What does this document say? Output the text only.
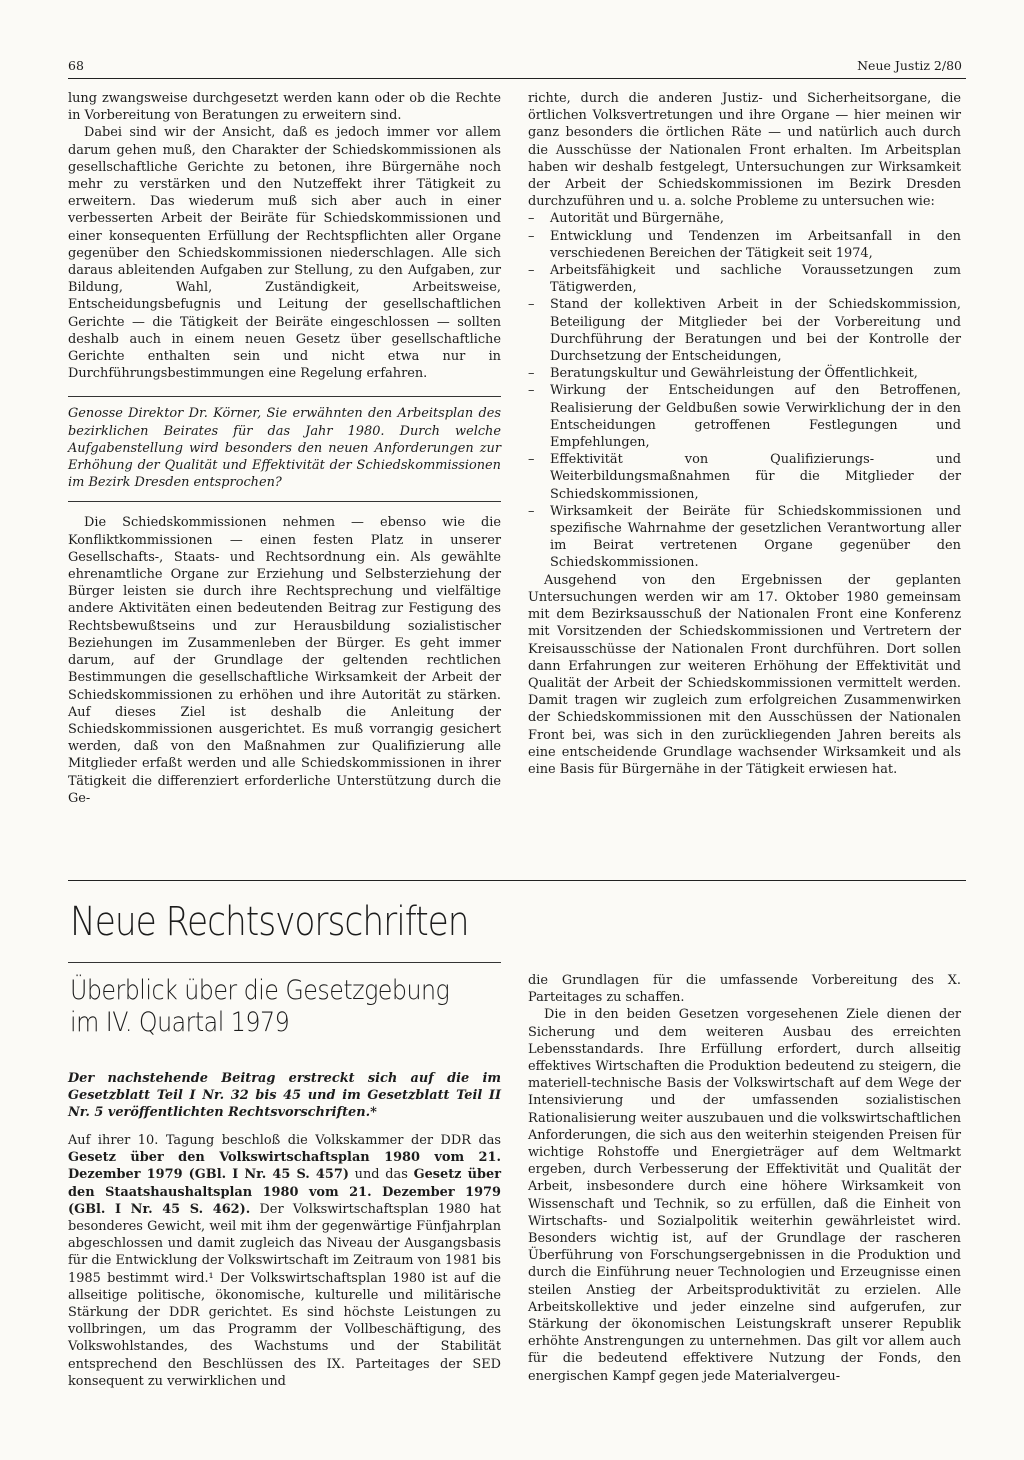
68	Neue Justiz 2/80

lung zwangsweise durchgesetzt werden kann oder ob die Rechte in Vorbereitung von Beratungen zu erweitern sind.

Dabei sind wir der Ansicht, daß es jedoch immer vor allem darum gehen muß, den Charakter der Schiedskommissionen als gesellschaftliche Gerichte zu betonen, ihre Bürgernähe noch mehr zu verstärken und den Nutzeffekt ihrer Tätigkeit zu erweitern. Das wiederum muß sich aber auch in einer verbesserten Arbeit der Beiräte für Schiedskommissionen und einer konsequenten Erfüllung der Rechtspflichten aller Organe gegenüber den Schiedskommissionen niederschlagen. Alle sich daraus ableitenden Aufgaben zur Stellung, zu den Aufgaben, zur Bildung, Wahl, Zuständigkeit, Arbeitsweise, Entscheidungsbefugnis und Leitung der gesellschaftlichen Gerichte — die Tätigkeit der Beiräte eingeschlossen — sollten deshalb auch in einem neuen Gesetz über gesellschaftliche Gerichte enthalten sein und nicht etwa nur in Durchführungsbestimmungen eine Regelung erfahren.

Genosse Direktor Dr. Körner, Sie erwähnten den Arbeitsplan des bezirklichen Beirates für das Jahr 1980. Durch welche Aufgabenstellung wird besonders den neuen Anforderungen zur Erhöhung der Qualität und Effektivität der Schiedskommissionen im Bezirk Dresden entsprochen?

Die Schiedskommissionen nehmen — ebenso wie die Konfliktkommissionen — einen festen Platz in unserer Gesellschafts-, Staats- und Rechtsordnung ein. Als gewählte ehrenamtliche Organe zur Erziehung und Selbsterziehung der Bürger leisten sie durch ihre Rechtsprechung und vielfältige andere Aktivitäten einen bedeutenden Beitrag zur Festigung des Rechtsbewußtseins und zur Herausbildung sozialistischer Beziehungen im Zusammenleben der Bürger. Es geht immer darum, auf der Grundlage der geltenden rechtlichen Bestimmungen die gesellschaftliche Wirksamkeit der Arbeit der Schiedskommissionen zu erhöhen und ihre Autorität zu stärken. Auf dieses Ziel ist deshalb die Anleitung der Schiedskommissionen ausgerichtet. Es muß vorrangig gesichert werden, daß von den Maßnahmen zur Qualifizierung alle Mitglieder erfaßt werden und alle Schiedskommissionen in ihrer Tätigkeit die differenziert erforderliche Unterstützung durch die Ge-

richte, durch die anderen Justiz- und Sicherheitsorgane, die örtlichen Volksvertretungen und ihre Organe — hier meinen wir ganz besonders die örtlichen Räte — und natürlich auch durch die Ausschüsse der Nationalen Front erhalten. Im Arbeitsplan haben wir deshalb festgelegt, Untersuchungen zur Wirksamkeit der Arbeit der Schiedskommissionen im Bezirk Dresden durchzuführen und u. a. solche Probleme zu untersuchen wie:

– Autorität und Bürgernähe,
– Entwicklung und Tendenzen im Arbeitsanfall in den verschiedenen Bereichen der Tätigkeit seit 1974,
– Arbeitsfähigkeit und sachliche Voraussetzungen zum Tätigwerden,
– Stand der kollektiven Arbeit in der Schiedskommission, Beteiligung der Mitglieder bei der Vorbereitung und Durchführung der Beratungen und bei der Kontrolle der Durchsetzung der Entscheidungen,
– Beratungskultur und Gewährleistung der Öffentlichkeit,
– Wirkung der Entscheidungen auf den Betroffenen, Realisierung der Geldbußen sowie Verwirklichung der in den Entscheidungen getroffenen Festlegungen und Empfehlungen,
– Effektivität von Qualifizierungs- und Weiterbildungsmaßnahmen für die Mitglieder der Schiedskommissionen,
– Wirksamkeit der Beiräte für Schiedskommissionen und spezifische Wahrnahme der gesetzlichen Verantwortung aller im Beirat vertretenen Organe gegenüber den Schiedskommissionen.

Ausgehend von den Ergebnissen der geplanten Untersuchungen werden wir am 17. Oktober 1980 gemeinsam mit dem Bezirksausschuß der Nationalen Front eine Konferenz mit Vorsitzenden der Schiedskommissionen und Vertretern der Kreisausschüsse der Nationalen Front durchführen. Dort sollen dann Erfahrungen zur weiteren Erhöhung der Effektivität und Qualität der Arbeit der Schiedskommissionen vermittelt werden. Damit tragen wir zugleich zum erfolgreichen Zusammenwirken der Schiedskommissionen mit den Ausschüssen der Nationalen Front bei, was sich in den zurückliegenden Jahren bereits als eine entscheidende Grundlage wachsender Wirksamkeit und als eine Basis für Bürgernähe in der Tätigkeit erwiesen hat.

Neue Rechtsvorschriften
Überblick über die Gesetzgebung
im IV. Quartal 1979
Der nachstehende Beitrag erstreckt sich auf die im Gesetzblatt Teil I Nr. 32 bis 45 und im Gesetzblatt Teil II Nr. 5 veröffentlichten Rechtsvorschriften.*

Auf ihrer 10. Tagung beschloß die Volkskammer der DDR das Gesetz über den Volkswirtschaftsplan 1980 vom 21. Dezember 1979 (GBl. I Nr. 45 S. 457) und das Gesetz über den Staatshaushaltsplan 1980 vom 21. Dezember 1979 (GBl. I Nr. 45 S. 462). Der Volkswirtschaftsplan 1980 hat besonderes Gewicht, weil mit ihm der gegenwärtige Fünfjahrplan abgeschlossen und damit zugleich das Niveau der Ausgangsbasis für die Entwicklung der Volkswirtschaft im Zeitraum von 1981 bis 1985 bestimmt wird.¹ Der Volkswirtschaftsplan 1980 ist auf die allseitige politische, ökonomische, kulturelle und militärische Stärkung der DDR gerichtet. Es sind höchste Leistungen zu vollbringen, um das Programm der Vollbeschäftigung, des Volkswohlstandes, des Wachstums und der Stabilität entsprechend den Beschlüssen des IX. Parteitages der SED konsequent zu verwirklichen und

die Grundlagen für die umfassende Vorbereitung des X. Parteitages zu schaffen.

Die in den beiden Gesetzen vorgesehenen Ziele dienen der Sicherung und dem weiteren Ausbau des erreichten Lebensstandards. Ihre Erfüllung erfordert, durch allseitig effektives Wirtschaften die Produktion bedeutend zu steigern, die materiell-technische Basis der Volkswirtschaft auf dem Wege der Intensivierung und der umfassenden sozialistischen Rationalisierung weiter auszubauen und die volkswirtschaftlichen Anforderungen, die sich aus den weiterhin steigenden Preisen für wichtige Rohstoffe und Energieträger auf dem Weltmarkt ergeben, durch Verbesserung der Effektivität und Qualität der Arbeit, insbesondere durch eine höhere Wirksamkeit von Wissenschaft und Technik, so zu erfüllen, daß die Einheit von Wirtschafts- und Sozialpolitik weiterhin gewährleistet wird. Besonders wichtig ist, auf der Grundlage der rascheren Überführung von Forschungsergebnissen in die Produktion und durch die Einführung neuer Technologien und Erzeugnisse einen steilen Anstieg der Arbeitsproduktivität zu erzielen. Alle Arbeitskollektive und jeder einzelne sind aufgerufen, zur Stärkung der ökonomischen Leistungskraft unserer Republik erhöhte Anstrengungen zu unternehmen. Das gilt vor allem auch für die bedeutend effektivere Nutzung der Fonds, den energischen Kampf gegen jede Materialvergeu-
